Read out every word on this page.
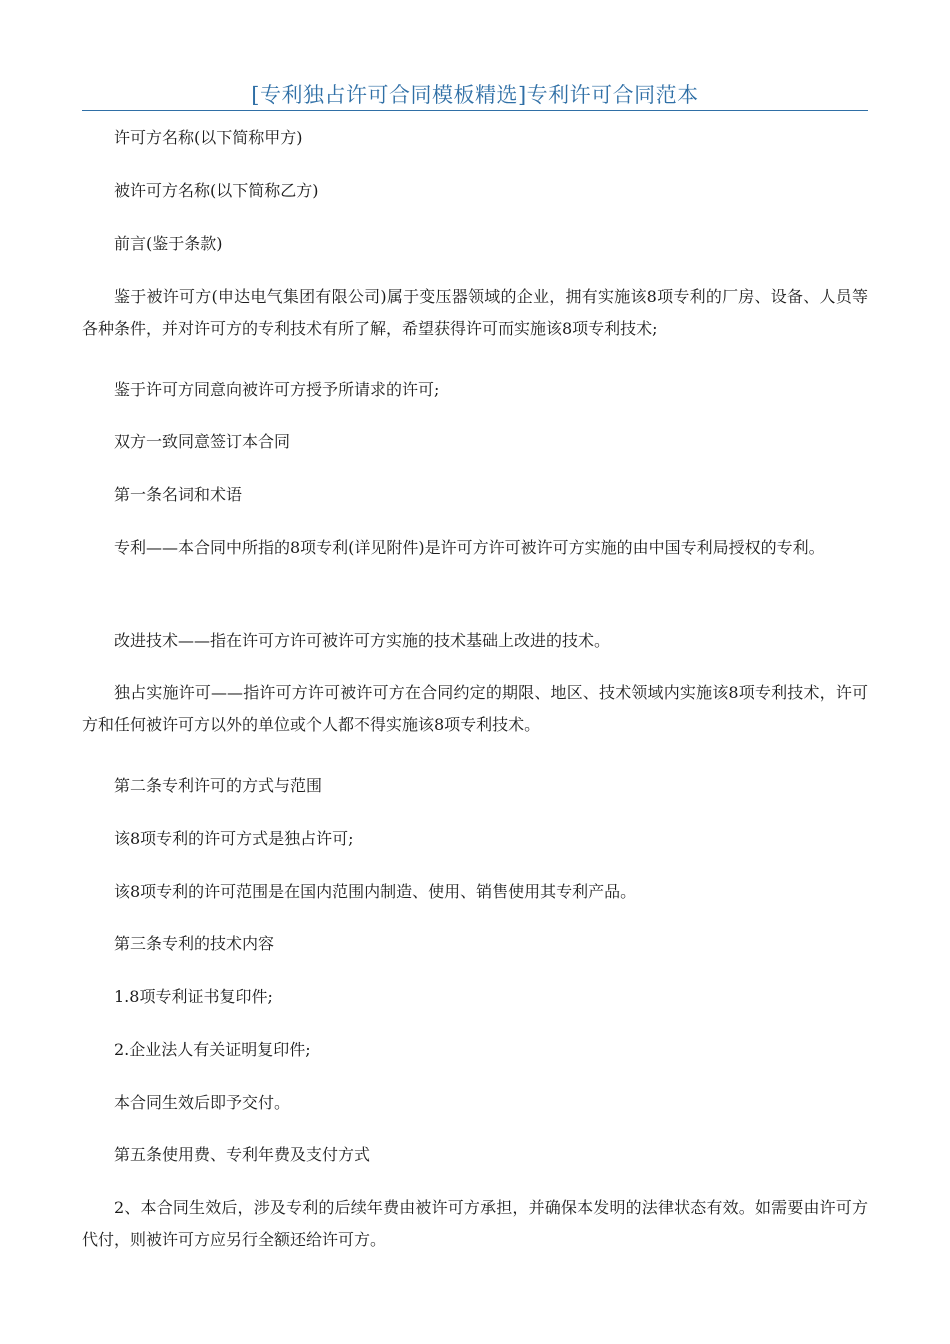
[专利独占许可合同模板精选]专利许可合同范本

许可方名称(以下简称甲方)

被许可方名称(以下简称乙方)

前言(鉴于条款)

鉴于被许可方(申达电气集团有限公司)属于变压器领域的企业，拥有实施该8项专利的厂房、设备、人员等各种条件，并对许可方的专利技术有所了解，希望获得许可而实施该8项专利技术;

鉴于许可方同意向被许可方授予所请求的许可;

双方一致同意签订本合同

第一条名词和术语

专利——本合同中所指的8项专利(详见附件)是许可方许可被许可方实施的由中国专利局授权的专利。

改进技术——指在许可方许可被许可方实施的技术基础上改进的技术。

独占实施许可——指许可方许可被许可方在合同约定的期限、地区、技术领域内实施该8项专利技术，许可方和任何被许可方以外的单位或个人都不得实施该8项专利技术。

第二条专利许可的方式与范围

该8项专利的许可方式是独占许可;

该8项专利的许可范围是在国内范围内制造、使用、销售使用其专利产品。

第三条专利的技术内容

1.8项专利证书复印件;

2.企业法人有关证明复印件;

本合同生效后即予交付。

第五条使用费、专利年费及支付方式

2、本合同生效后，涉及专利的后续年费由被许可方承担，并确保本发明的法律状态有效。如需要由许可方代付，则被许可方应另行全额还给许可方。
